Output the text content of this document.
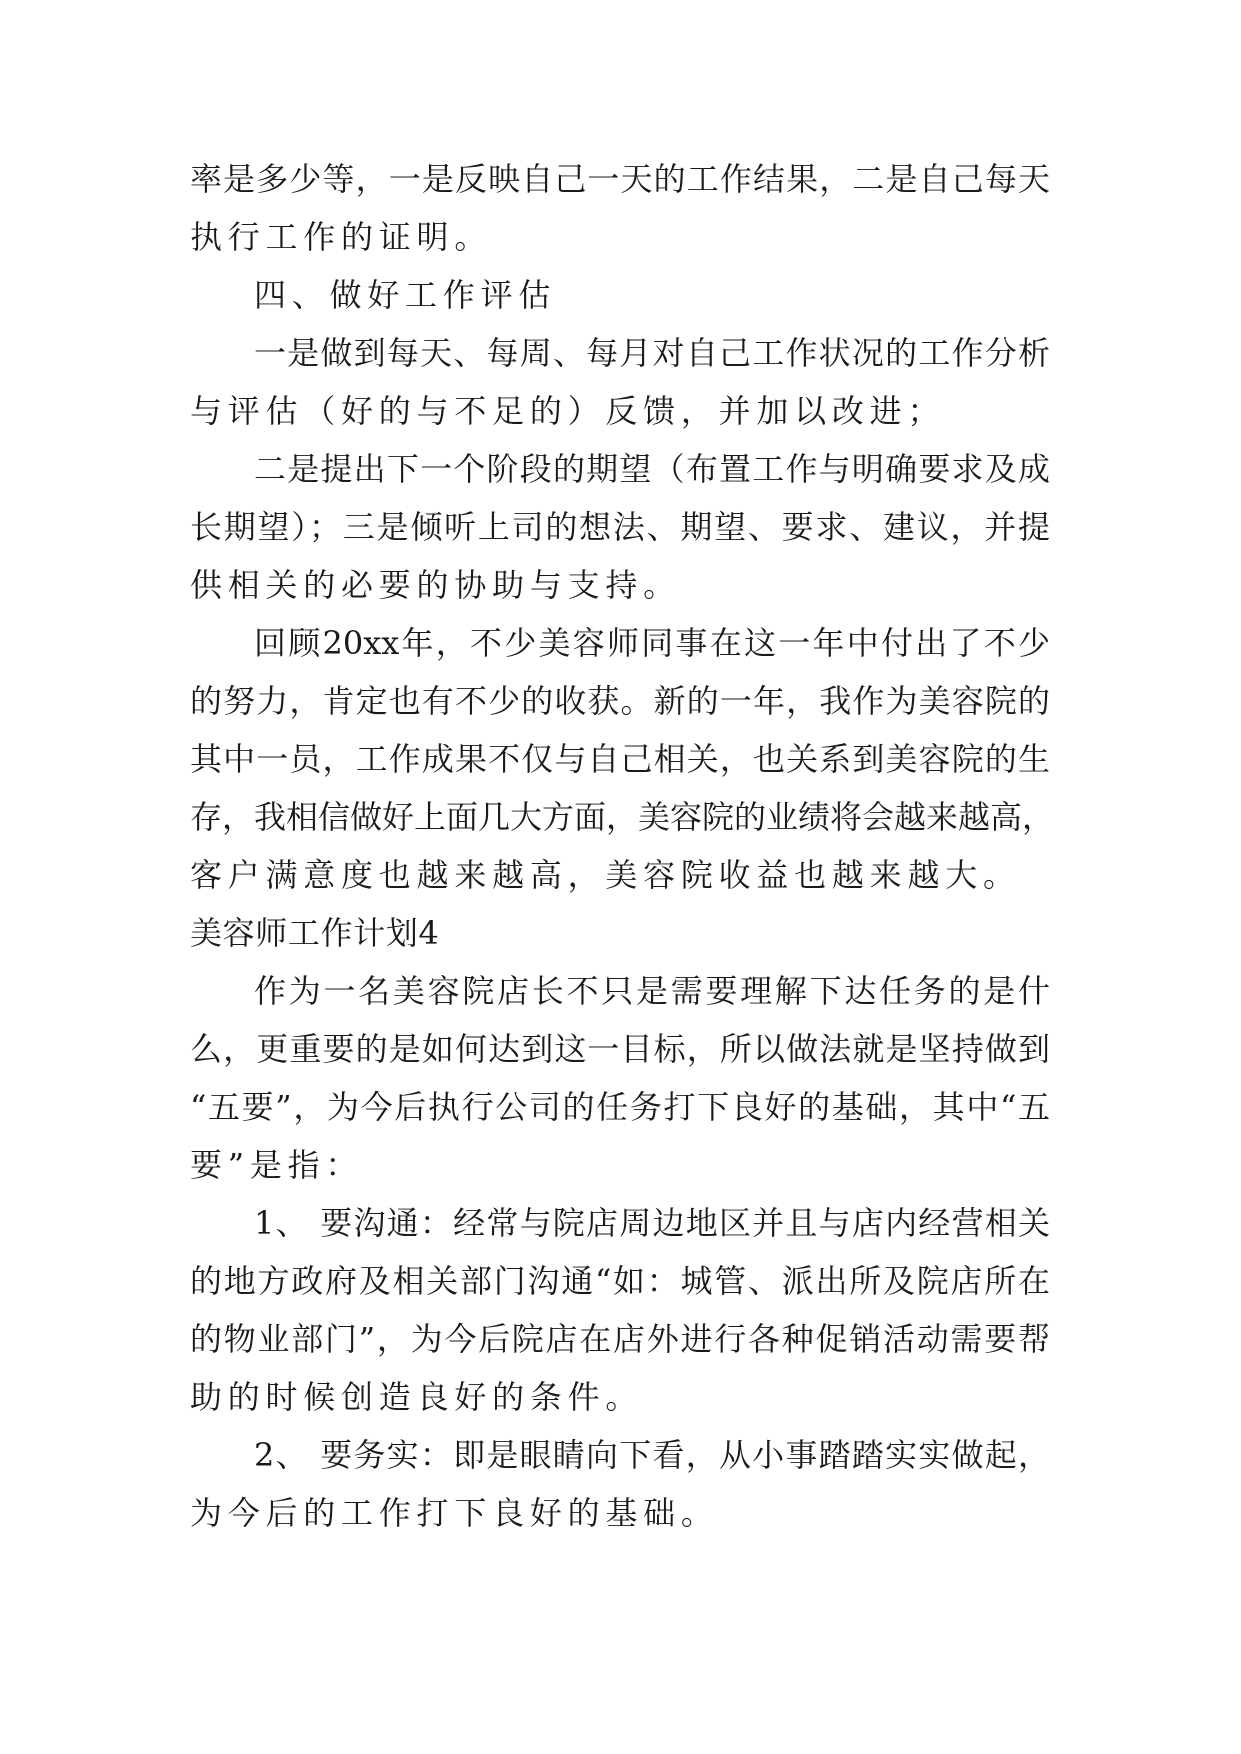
率是多少等，一是反映自己一天的工作结果，二是自己每天
执行工作的证明。
四、做好工作评估
一是做到每天、每周、每月对自己工作状况的工作分析
与评估（好的与不足的）反馈，并加以改进；
二是提出下一个阶段的期望（布置工作与明确要求及成
长期望）；三是倾听上司的想法、期望、要求、建议，并提
供相关的必要的协助与支持。
回顾20xx年，不少美容师同事在这一年中付出了不少
的努力，肯定也有不少的收获。新的一年，我作为美容院的
其中一员，工作成果不仅与自己相关，也关系到美容院的生
存，我相信做好上面几大方面，美容院的业绩将会越来越高，
客户满意度也越来越高，美容院收益也越来越大。
美容师工作计划4
作为一名美容院店长不只是需要理解下达任务的是什
么，更重要的是如何达到这一目标，所以做法就是坚持做到
“五要”，为今后执行公司的任务打下良好的基础，其中“五
要”是指：
1、 要沟通：经常与院店周边地区并且与店内经营相关
的地方政府及相关部门沟通“如：城管、派出所及院店所在
的物业部门”，为今后院店在店外进行各种促销活动需要帮
助的时候创造良好的条件。
2、 要务实：即是眼睛向下看，从小事踏踏实实做起，
为今后的工作打下良好的基础。
